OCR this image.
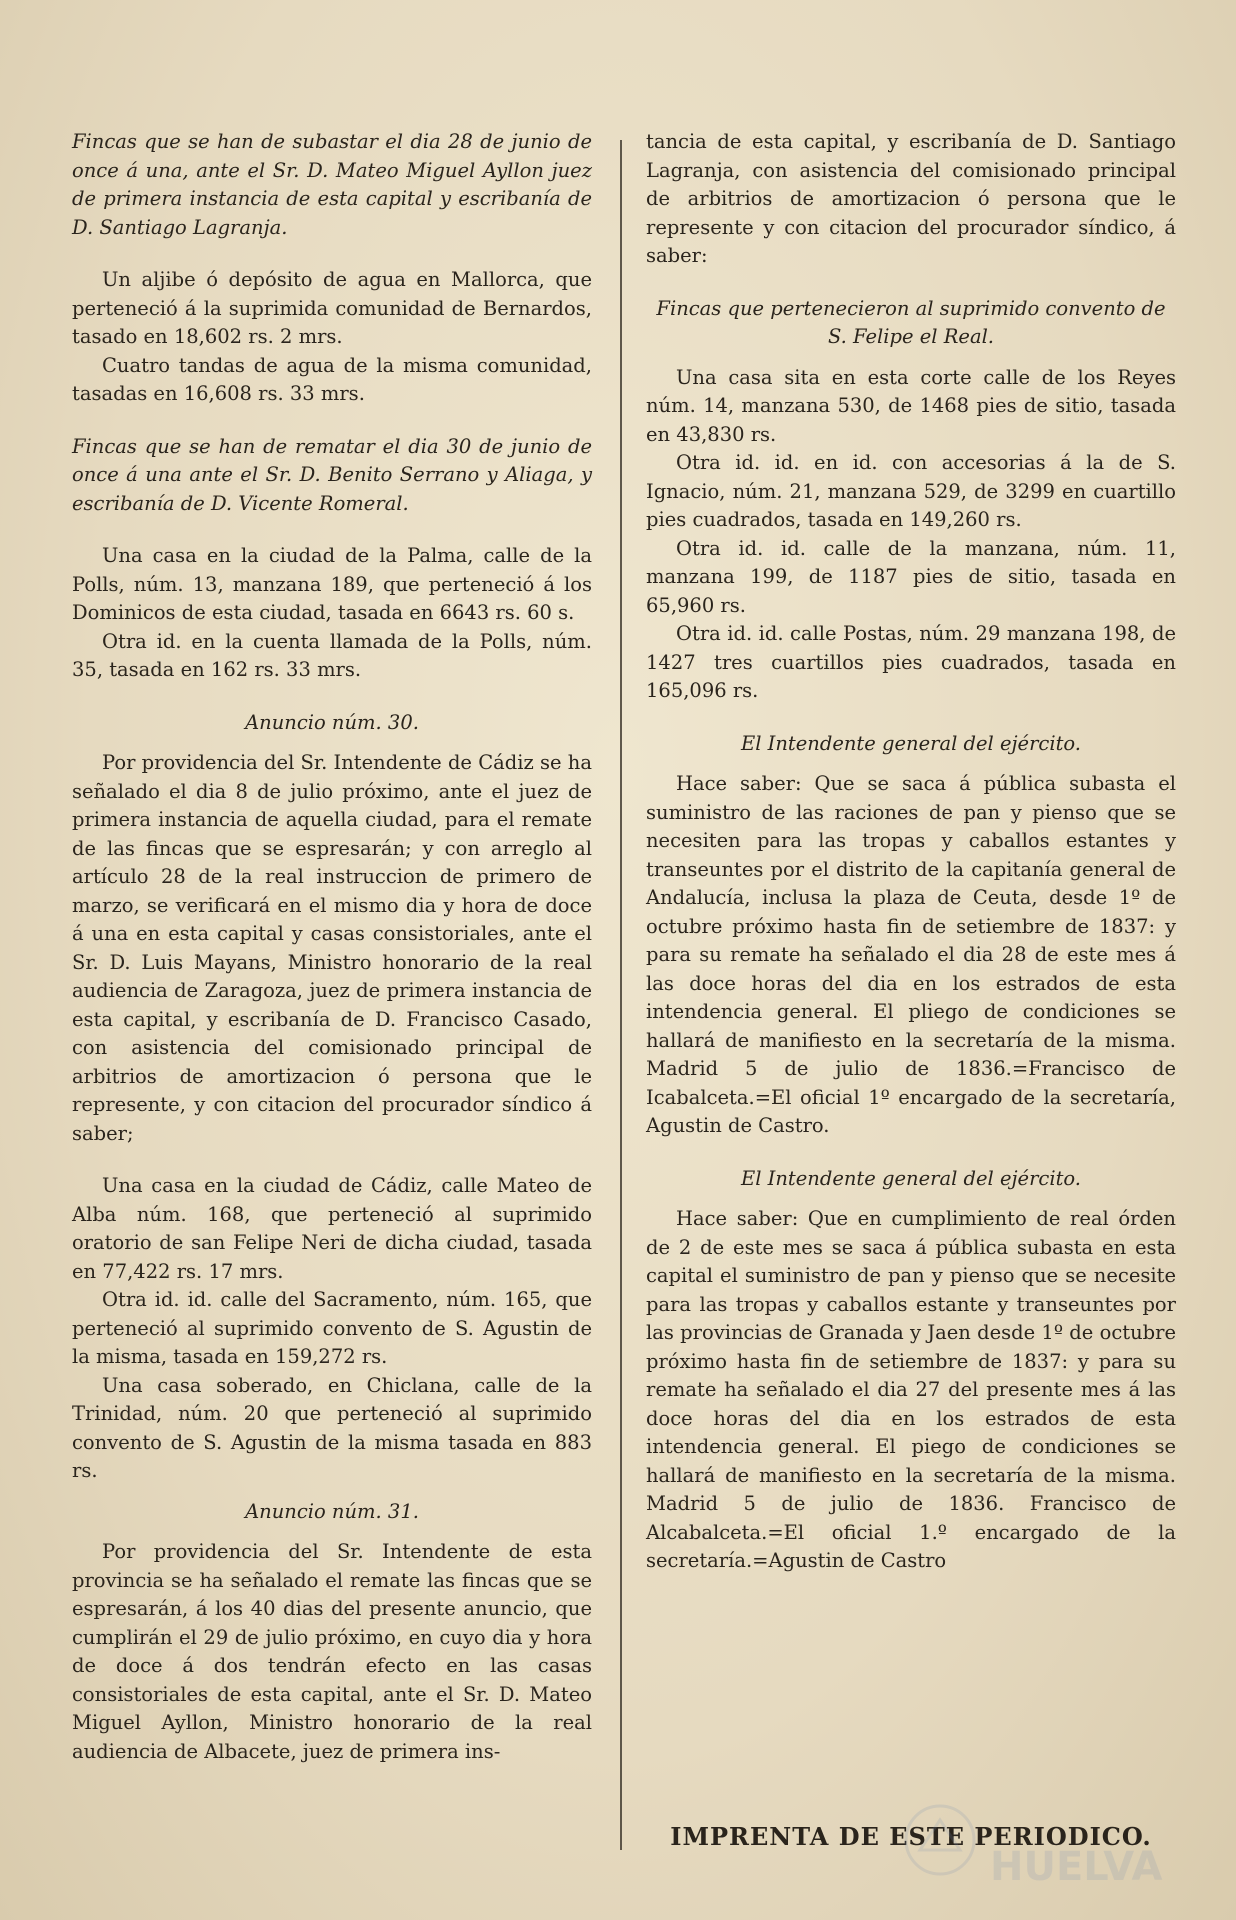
Fincas que se han de subastar el dia 28 de junio de once á una, ante el Sr. D. Mateo Miguel Ayllon juez de primera instancia de esta capital y escribanía de D. Santiago Lagranja.

Un aljibe ó depósito de agua en Mallorca, que perteneció á la suprimida comunidad de Bernardos, tasado en 18,602 rs. 2 mrs.

Cuatro tandas de agua de la misma comunidad, tasadas en 16,608 rs. 33 mrs.

Fincas que se han de rematar el dia 30 de junio de once á una ante el Sr. D. Benito Serrano y Aliaga, y escribanía de D. Vicente Romeral.

Una casa en la ciudad de la Palma, calle de la Polls, núm. 13, manzana 189, que perteneció á los Dominicos de esta ciudad, tasada en 6643 rs. 60 s.

Otra id. en la cuenta llamada de la Polls, núm. 35, tasada en 162 rs. 33 mrs.

Anuncio núm. 30.

Por providencia del Sr. Intendente de Cádiz se ha señalado el dia 8 de julio próximo, ante el juez de primera instancia de aquella ciudad, para el remate de las fincas que se espresarán; y con arreglo al artículo 28 de la real instruccion de primero de marzo, se verificará en el mismo dia y hora de doce á una en esta capital y casas consistoriales, ante el Sr. D. Luis Mayans, Ministro honorario de la real audiencia de Zaragoza, juez de primera instancia de esta capital, y escribanía de D. Francisco Casado, con asistencia del comisionado principal de arbitrios de amortizacion ó persona que le represente, y con citacion del procurador síndico á saber;

Una casa en la ciudad de Cádiz, calle Mateo de Alba núm. 168, que perteneció al suprimido oratorio de san Felipe Neri de dicha ciudad, tasada en 77,422 rs. 17 mrs.

Otra id. id. calle del Sacramento, núm. 165, que perteneció al suprimido convento de S. Agustin de la misma, tasada en 159,272 rs.

Una casa soberado, en Chiclana, calle de la Trinidad, núm. 20 que perteneció al suprimido convento de S. Agustin de la misma tasada en 883 rs.

Anuncio núm. 31.

Por providencia del Sr. Intendente de esta provincia se ha señalado el remate las fincas que se espresarán, á los 40 dias del presente anuncio, que cumplirán el 29 de julio próximo, en cuyo dia y hora de doce á dos tendrán efecto en las casas consistoriales de esta capital, ante el Sr. D. Mateo Miguel Ayllon, Ministro honorario de la real audiencia de Albacete, juez de primera ins-

tancia de esta capital, y escribanía de D. Santiago Lagranja, con asistencia del comisionado principal de arbitrios de amortizacion ó persona que le represente y con citacion del procurador síndico, á saber:

Fincas que pertenecieron al suprimido convento de S. Felipe el Real.

Una casa sita en esta corte calle de los Reyes núm. 14, manzana 530, de 1468 pies de sitio, tasada en 43,830 rs.

Otra id. id. en id. con accesorias á la de S. Ignacio, núm. 21, manzana 529, de 3299 en cuartillo pies cuadrados, tasada en 149,260 rs.

Otra id. id. calle de la manzana, núm. 11, manzana 199, de 1187 pies de sitio, tasada en 65,960 rs.

Otra id. id. calle Postas, núm. 29 manzana 198, de 1427 tres cuartillos pies cuadrados, tasada en 165,096 rs.

El Intendente general del ejército.

Hace saber: Que se saca á pública subasta el suministro de las raciones de pan y pienso que se necesiten para las tropas y caballos estantes y transeuntes por el distrito de la capitanía general de Andalucía, inclusa la plaza de Ceuta, desde 1º de octubre próximo hasta fin de setiembre de 1837: y para su remate ha señalado el dia 28 de este mes á las doce horas del dia en los estrados de esta intendencia general. El pliego de condiciones se hallará de manifiesto en la secretaría de la misma. Madrid 5 de julio de 1836.=Francisco de Icabalceta.=El oficial 1º encargado de la secretaría, Agustin de Castro.

El Intendente general del ejército.

Hace saber: Que en cumplimiento de real órden de 2 de este mes se saca á pública subasta en esta capital el suministro de pan y pienso que se necesite para las tropas y caballos estante y transeuntes por las provincias de Granada y Jaen desde 1º de octubre próximo hasta fin de setiembre de 1837: y para su remate ha señalado el dia 27 del presente mes á las doce horas del dia en los estrados de esta intendencia general. El piego de condiciones se hallará de manifiesto en la secretaría de la misma. Madrid 5 de julio de 1836. Francisco de Alcabalceta.=El oficial 1.º encargado de la secretaría.=Agustin de Castro

IMPRENTA DE ESTE PERIODICO.
HUELVA
